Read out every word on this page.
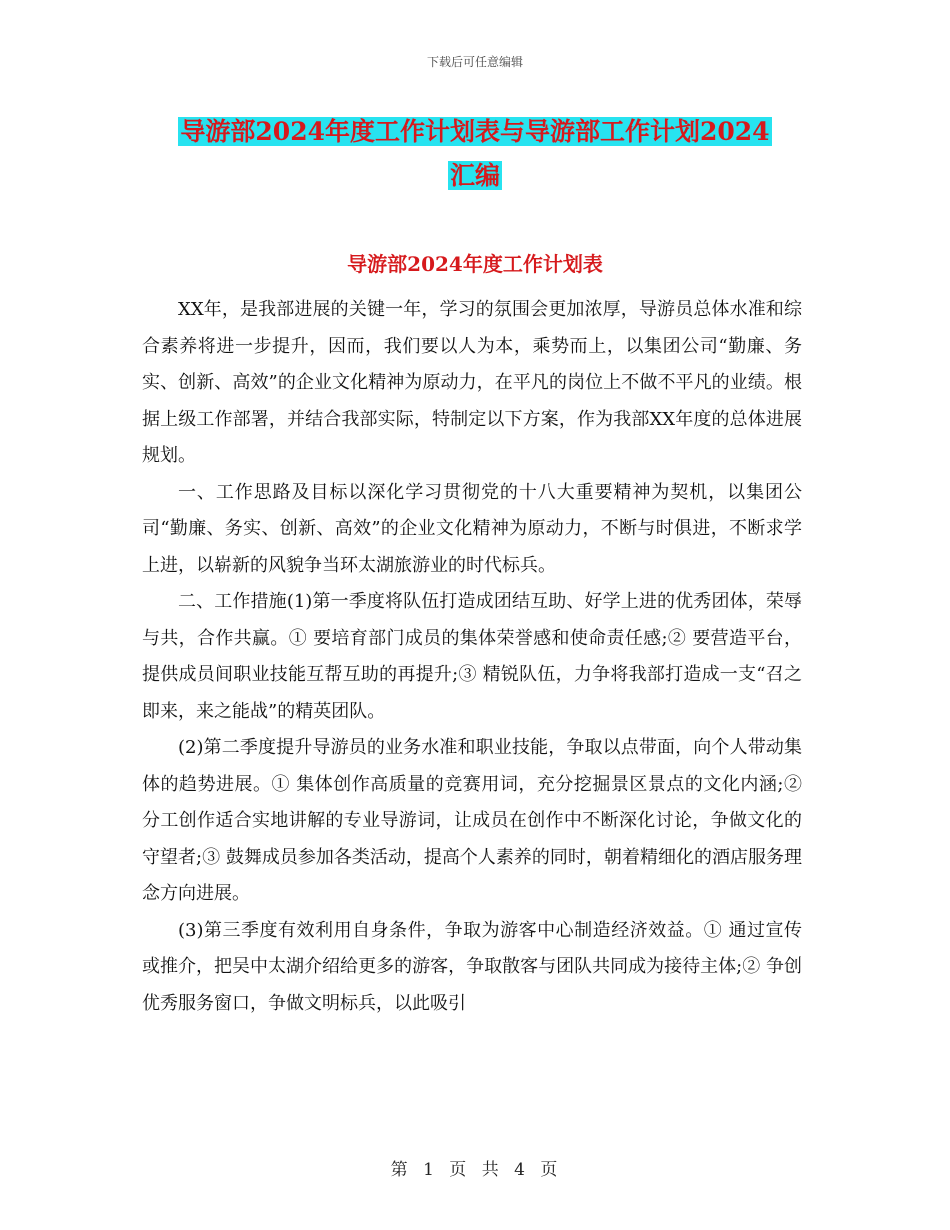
下载后可任意编辑
导游部2024年度工作计划表与导游部工作计划2024
汇编
导游部2024年度工作计划表

XX年，是我部进展的关键一年，学习的氛围会更加浓厚，导游员总体水准和综合素养将进一步提升，因而，我们要以人为本，乘势而上，以集团公司“勤廉、务实、创新、高效”的企业文化精神为原动力，在平凡的岗位上不做不平凡的业绩。根据上级工作部署，并结合我部实际，特制定以下方案，作为我部XX年度的总体进展规划。

一、工作思路及目标以深化学习贯彻党的十八大重要精神为契机，以集团公司“勤廉、务实、创新、高效”的企业文化精神为原动力，不断与时俱进，不断求学上进，以崭新的风貌争当环太湖旅游业的时代标兵。

二、工作措施(1)第一季度将队伍打造成团结互助、好学上进的优秀团体，荣辱与共，合作共赢。① 要培育部门成员的集体荣誉感和使命责任感;② 要营造平台，提供成员间职业技能互帮互助的再提升;③ 精锐队伍，力争将我部打造成一支“召之即来，来之能战”的精英团队。

(2)第二季度提升导游员的业务水准和职业技能，争取以点带面，向个人带动集体的趋势进展。① 集体创作高质量的竞赛用词，充分挖掘景区景点的文化内涵;② 分工创作适合实地讲解的专业导游词，让成员在创作中不断深化讨论，争做文化的守望者;③ 鼓舞成员参加各类活动，提高个人素养的同时，朝着精细化的酒店服务理念方向进展。

(3)第三季度有效利用自身条件，争取为游客中心制造经济效益。① 通过宣传或推介，把吴中太湖介绍给更多的游客，争取散客与团队共同成为接待主体;② 争创优秀服务窗口，争做文明标兵，以此吸引

第 1 页 共 4 页
